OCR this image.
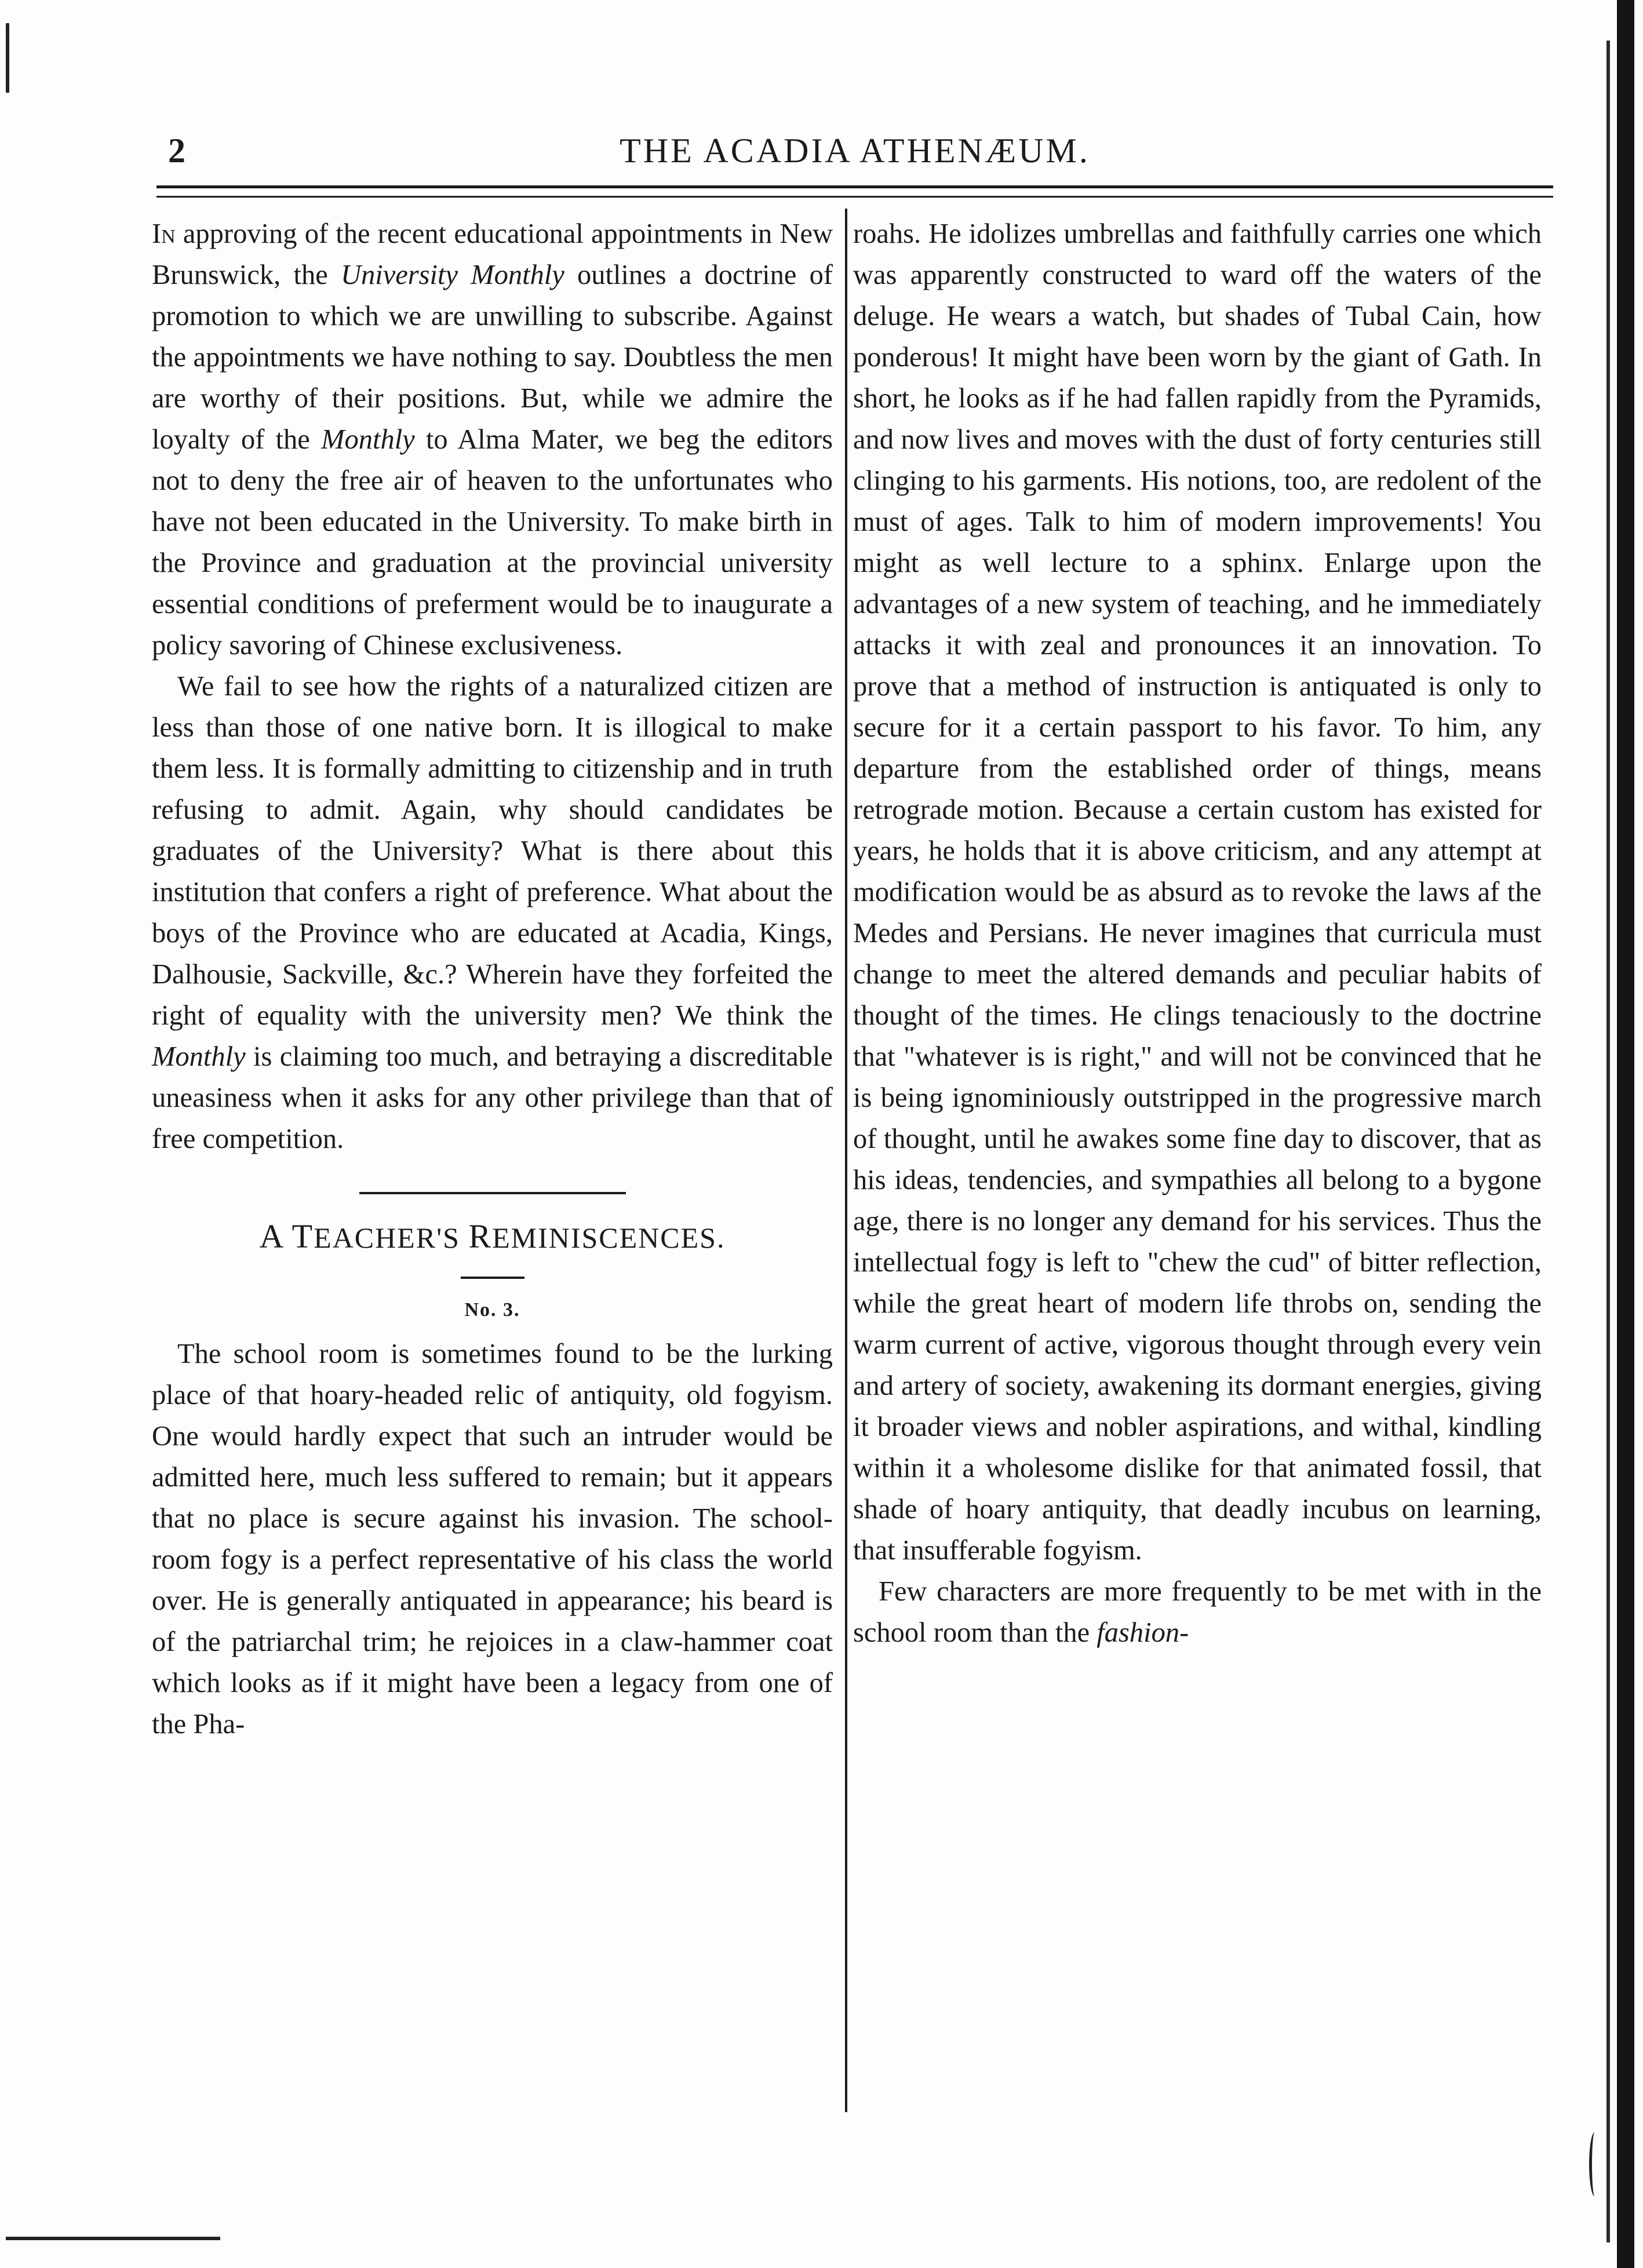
2	THE ACADIA ATHENÆUM.

In approving of the recent educational appointments in New Brunswick, the University Monthly outlines a doctrine of promotion to which we are unwilling to subscribe. Against the appointments we have nothing to say. Doubtless the men are worthy of their positions. But, while we admire the loyalty of the Monthly to Alma Mater, we beg the editors not to deny the free air of heaven to the unfortunates who have not been educated in the University. To make birth in the Province and graduation at the provincial university essential conditions of preferment would be to inaugurate a policy savoring of Chinese exclusiveness.

We fail to see how the rights of a naturalized citizen are less than those of one native born. It is illogical to make them less. It is formally admitting to citizenship and in truth refusing to admit. Again, why should candidates be graduates of the University? What is there about this institution that confers a right of preference. What about the boys of the Province who are educated at Acadia, Kings, Dalhousie, Sackville, &c.? Wherein have they forfeited the right of equality with the university men? We think the Monthly is claiming too much, and betraying a discreditable uneasiness when it asks for any other privilege than that of free competition.

A TEACHER'S REMINISCENCES.
No. 3.

The school room is sometimes found to be the lurking place of that hoary-headed relic of antiquity, old fogyism. One would hardly expect that such an intruder would be admitted here, much less suffered to remain; but it appears that no place is secure against his invasion. The school-room fogy is a perfect representative of his class the world over. He is generally antiquated in appearance; his beard is of the patriarchal trim; he rejoices in a claw-hammer coat which looks as if it might have been a legacy from one of the Pha-

roahs. He idolizes umbrellas and faithfully carries one which was apparently constructed to ward off the waters of the deluge. He wears a watch, but shades of Tubal Cain, how ponderous! It might have been worn by the giant of Gath. In short, he looks as if he had fallen rapidly from the Pyramids, and now lives and moves with the dust of forty centuries still clinging to his garments. His notions, too, are redolent of the must of ages. Talk to him of modern improvements! You might as well lecture to a sphinx. Enlarge upon the advantages of a new system of teaching, and he immediately attacks it with zeal and pronounces it an innovation. To prove that a method of instruction is antiquated is only to secure for it a certain passport to his favor. To him, any departure from the established order of things, means retrograde motion. Because a certain custom has existed for years, he holds that it is above criticism, and any attempt at modification would be as absurd as to revoke the laws af the Medes and Persians. He never imagines that curricula must change to meet the altered demands and peculiar habits of thought of the times. He clings tenaciously to the doctrine that "whatever is is right," and will not be convinced that he is being ignominiously outstripped in the progressive march of thought, until he awakes some fine day to discover, that as his ideas, tendencies, and sympathies all belong to a bygone age, there is no longer any demand for his services. Thus the intellectual fogy is left to "chew the cud" of bitter reflection, while the great heart of modern life throbs on, sending the warm current of active, vigorous thought through every vein and artery of society, awakening its dormant energies, giving it broader views and nobler aspirations, and withal, kindling within it a wholesome dislike for that animated fossil, that shade of hoary antiquity, that deadly incubus on learning, that insufferable fogyism.

Few characters are more frequently to be met with in the school room than the fashion-
